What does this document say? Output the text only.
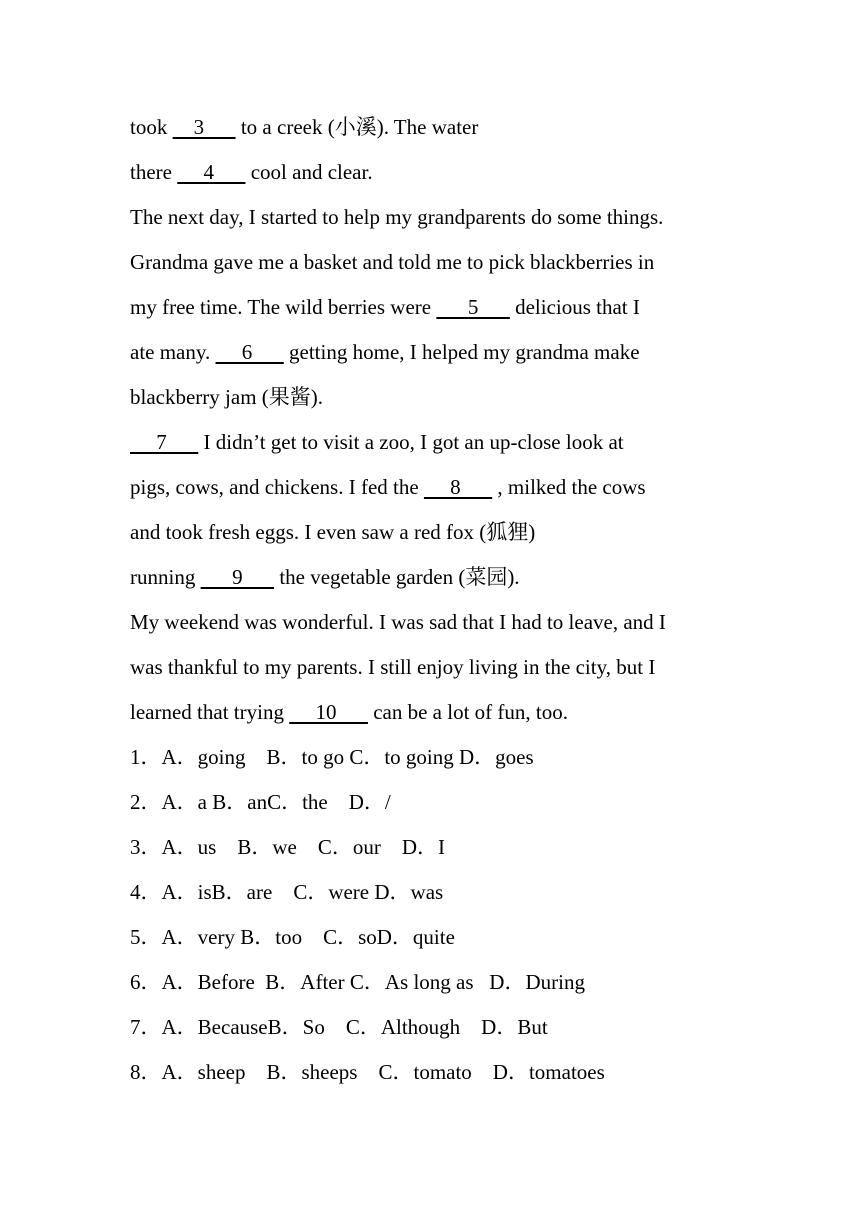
took     3       to a creek (小溪). The water
there      4       cool and clear.
The next day, I started to help my grandparents do some things.
Grandma gave me a basket and told me to pick blackberries in
my free time. The wild berries were       5       delicious that I
ate many.      6       getting home, I helped my grandma make
blackberry jam (果酱).
7       I didn’t get to visit a zoo, I got an up-close look at
pigs, cows, and chickens. I fed the      8       , milked the cows
and took fresh eggs. I even saw a red fox (狐狸)
running       9       the vegetable garden (菜园).
My weekend was wonderful. I was sad that I had to leave, and I
was thankful to my parents. I still enjoy living in the city, but I
learned that trying      10       can be a lot of fun, too.
1．A．going    B．to go C．to going D．goes
2．A．a B．anC．the    D．/
3．A．us    B．we    C．our    D．I
4．A．isB．are    C．were D．was
5．A．very B．too    C．soD．quite
6．A．Before  B．After C．As long as   D．During
7．A．BecauseB．So    C．Although    D．But
8．A．sheep    B．sheeps    C．tomato    D．tomatoes
